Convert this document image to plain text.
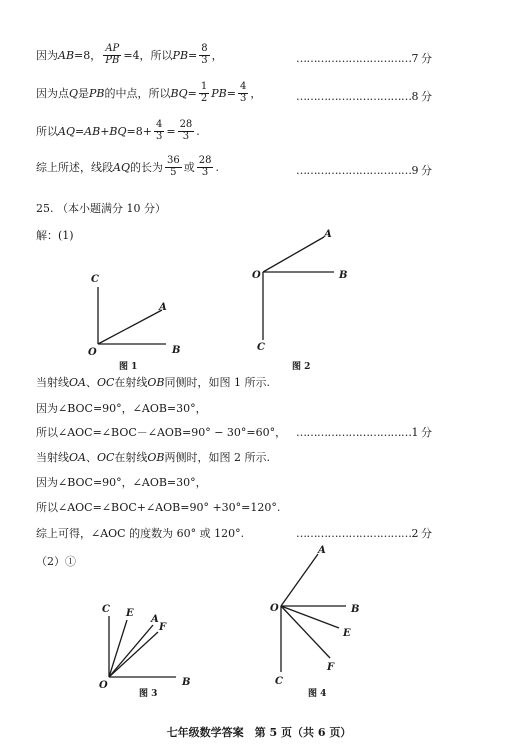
因为 AB =8， $\frac{AP}{PB} =4$，所以 PB = $\frac{8}{3}$ ，	……………………………7 分
因为点 Q 是 PB 的中点，所以 BQ = $\frac{1}{2}$ PB = $\frac{4}{3}$ ，	……………………………8 分
所以 $AQ=AB+BQ =8+ \frac{4}{3} = \frac{28}{3}$ .
综上所述，线段 AQ 的长为 $\frac{36}{5}$ 或 $\frac{28}{3}$ .	……………………………9 分
25. （本小题满分 10 分）
解：(1)
C
A
B
O
A
O	B
C
C E
A
F
B
O
A
O	B
E
F
C
图 1	图 2
图 3	图 4
当射线 OA 、 OC 在射线 OB 同侧时，如图 1 所示.
因为∠BOC=90°，∠AOB=30°，
所以∠AOC=∠BOC－∠AOB=90° − 30°=60°， ……………………………1 分
当射线 OA 、 OC 在射线 OB 两侧时，如图 2 所示.
因为∠BOC=90°，∠AOB=30°，
所以∠AOC=∠BOC+∠AOB=90° +30°=120°.
综上可得，∠AOC 的度数为 60° 或 120°.	……………………………2 分
（2）①
七年级数学答案　第 5 页（共 6 页）
